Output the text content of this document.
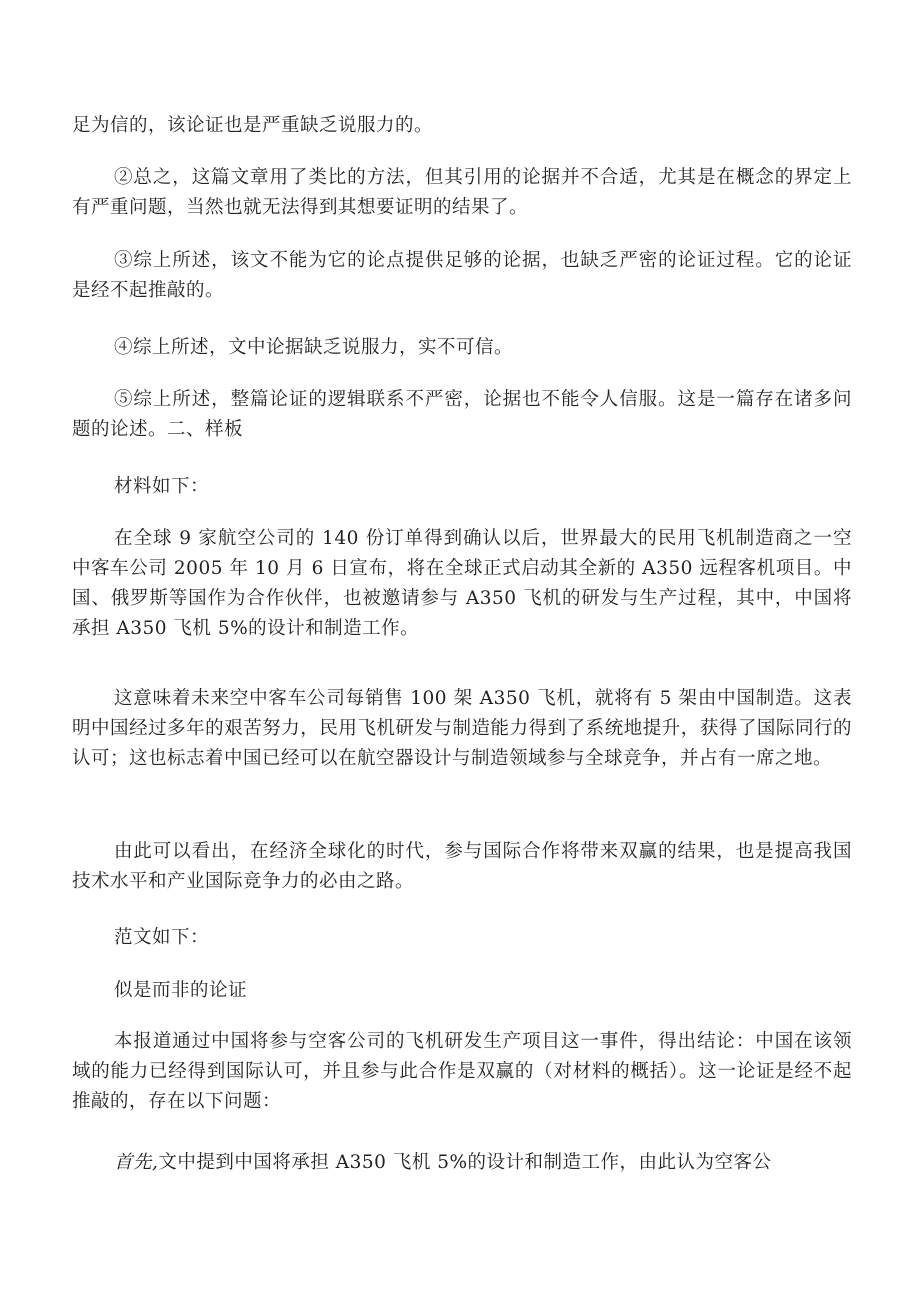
足为信的，该论证也是严重缺乏说服力的。

②总之，这篇文章用了类比的方法，但其引用的论据并不合适，尤其是在概念的界定上有严重问题，当然也就无法得到其想要证明的结果了。

③综上所述，该文不能为它的论点提供足够的论据，也缺乏严密的论证过程。它的论证是经不起推敲的。

④综上所述，文中论据缺乏说服力，实不可信。

⑤综上所述，整篇论证的逻辑联系不严密，论据也不能令人信服。这是一篇存在诸多问题的论述。二、样板

材料如下：

在全球 9 家航空公司的 140 份订单得到确认以后，世界最大的民用飞机制造商之一空中客车公司 2005 年 10 月 6 日宣布，将在全球正式启动其全新的 A350 远程客机项目。中国、俄罗斯等国作为合作伙伴，也被邀请参与 A350 飞机的研发与生产过程，其中，中国将承担 A350 飞机 5%的设计和制造工作。

这意味着未来空中客车公司每销售 100 架 A350 飞机，就将有 5 架由中国制造。这表明中国经过多年的艰苦努力，民用飞机研发与制造能力得到了系统地提升，获得了国际同行的认可；这也标志着中国已经可以在航空器设计与制造领域参与全球竞争，并占有一席之地。

由此可以看出，在经济全球化的时代，参与国际合作将带来双赢的结果，也是提高我国技术水平和产业国际竞争力的必由之路。

范文如下：

似是而非的论证

本报道通过中国将参与空客公司的飞机研发生产项目这一事件，得出结论：中国在该领域的能力已经得到国际认可，并且参与此合作是双赢的（对材料的概括）。这一论证是经不起推敲的，存在以下问题：

首先,文中提到中国将承担 A350 飞机 5%的设计和制造工作，由此认为空客公
